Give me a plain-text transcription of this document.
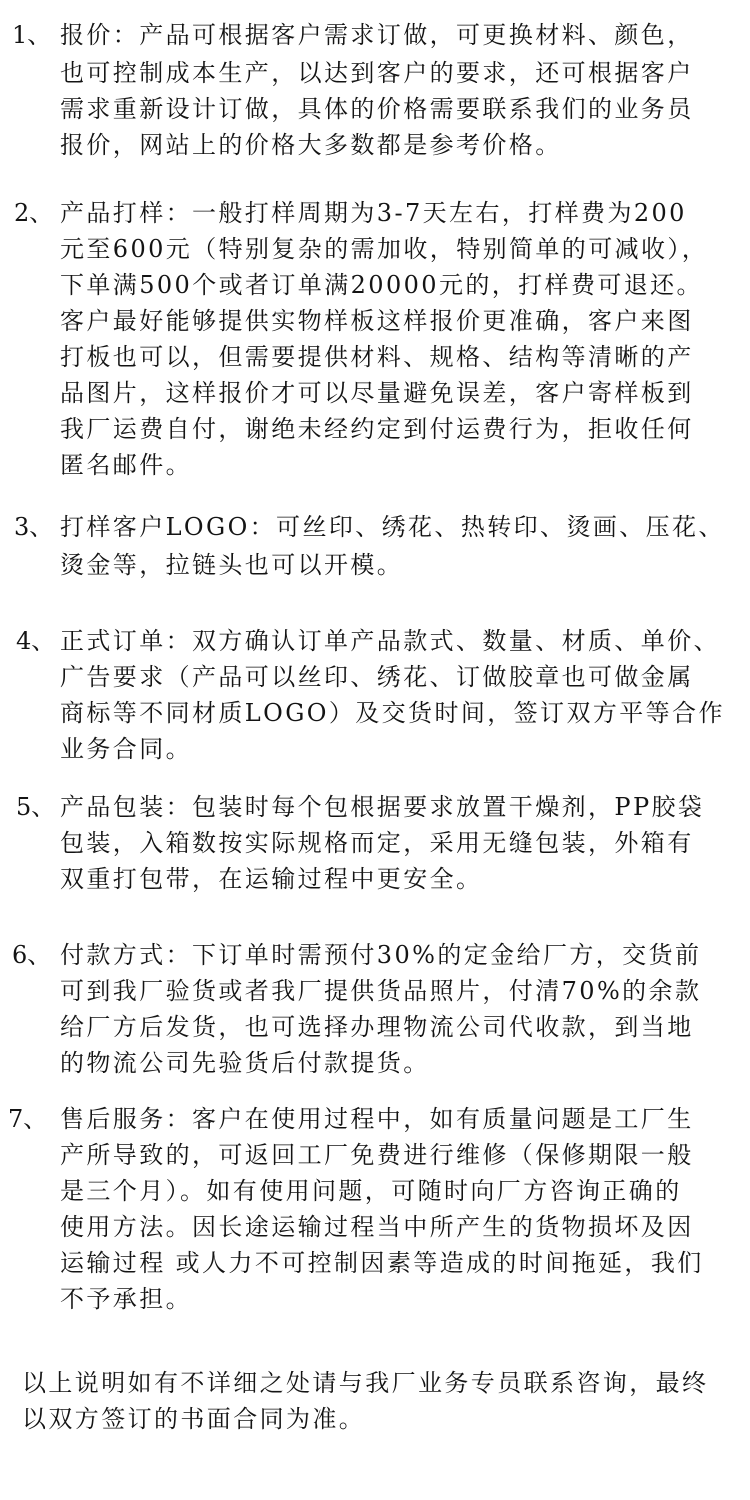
1、 报价：产品可根据客户需求订做，可更换材料、颜色，
也可控制成本生产，以达到客户的要求，还可根据客户
需求重新设计订做，具体的价格需要联系我们的业务员
报价，网站上的价格大多数都是参考价格。
2、 产品打样：一般打样周期为3-7天左右，打样费为200
元至600元（特别复杂的需加收，特别简单的可减收），
下单满500个或者订单满20000元的，打样费可退还。
客户最好能够提供实物样板这样报价更准确，客户来图
打板也可以，但需要提供材料、规格、结构等清晰的产
品图片，这样报价才可以尽量避免误差，客户寄样板到
我厂运费自付，谢绝未经约定到付运费行为，拒收任何
匿名邮件。
3、 打样客户LOGO：可丝印、绣花、热转印、烫画、压花、
烫金等，拉链头也可以开模。
4、 正式订单：双方确认订单产品款式、数量、材质、单价、
广告要求（产品可以丝印、绣花、订做胶章也可做金属
商标等不同材质LOGO）及交货时间，签订双方平等合作
业务合同。
5、 产品包装：包装时每个包根据要求放置干燥剂，PP胶袋
包装，入箱数按实际规格而定，采用无缝包装，外箱有
双重打包带，在运输过程中更安全。
6、 付款方式：下订单时需预付30%的定金给厂方，交货前
可到我厂验货或者我厂提供货品照片，付清70%的余款
给厂方后发货，也可选择办理物流公司代收款，到当地
的物流公司先验货后付款提货。
7、 售后服务：客户在使用过程中，如有质量问题是工厂生
产所导致的，可返回工厂免费进行维修（保修期限一般
是三个月）。如有使用问题，可随时向厂方咨询正确的
使用方法。因长途运输过程当中所产生的货物损坏及因
运输过程 或人力不可控制因素等造成的时间拖延，我们
不予承担。
以上说明如有不详细之处请与我厂业务专员联系咨询，最终
以双方签订的书面合同为准。
